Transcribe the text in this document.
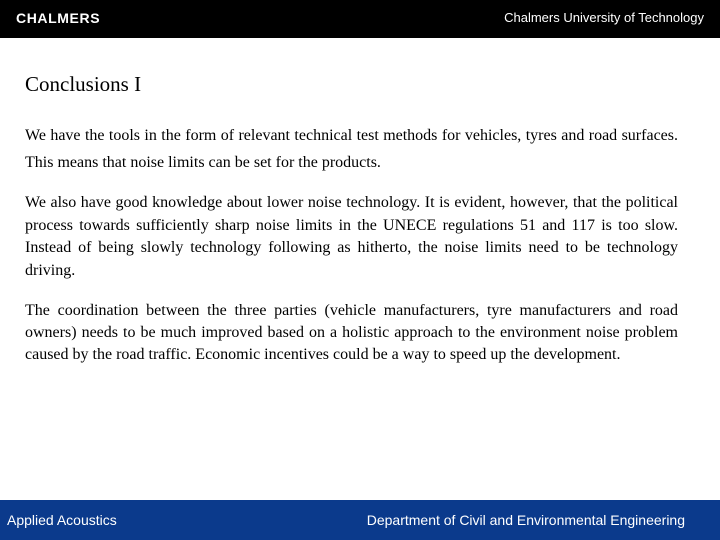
CHALMERS	Chalmers University of Technology
Conclusions I

We have the tools in the form of relevant technical test methods for vehicles, tyres and road surfaces. This means that noise limits can be set for the products.

We also have good knowledge about lower noise technology. It is evident, however, that the political process towards sufficiently sharp noise limits in the UNECE regulations 51 and 117 is too slow. Instead of being slowly technology following as hitherto, the noise limits need to be technology driving.

The coordination between the three parties (vehicle manufacturers, tyre manufacturers and road owners) needs to be much improved based on a holistic approach to the environment noise problem caused by the road traffic. Economic incentives could be a way to speed up the development.

Applied Acoustics	Department of Civil and Environmental Engineering
